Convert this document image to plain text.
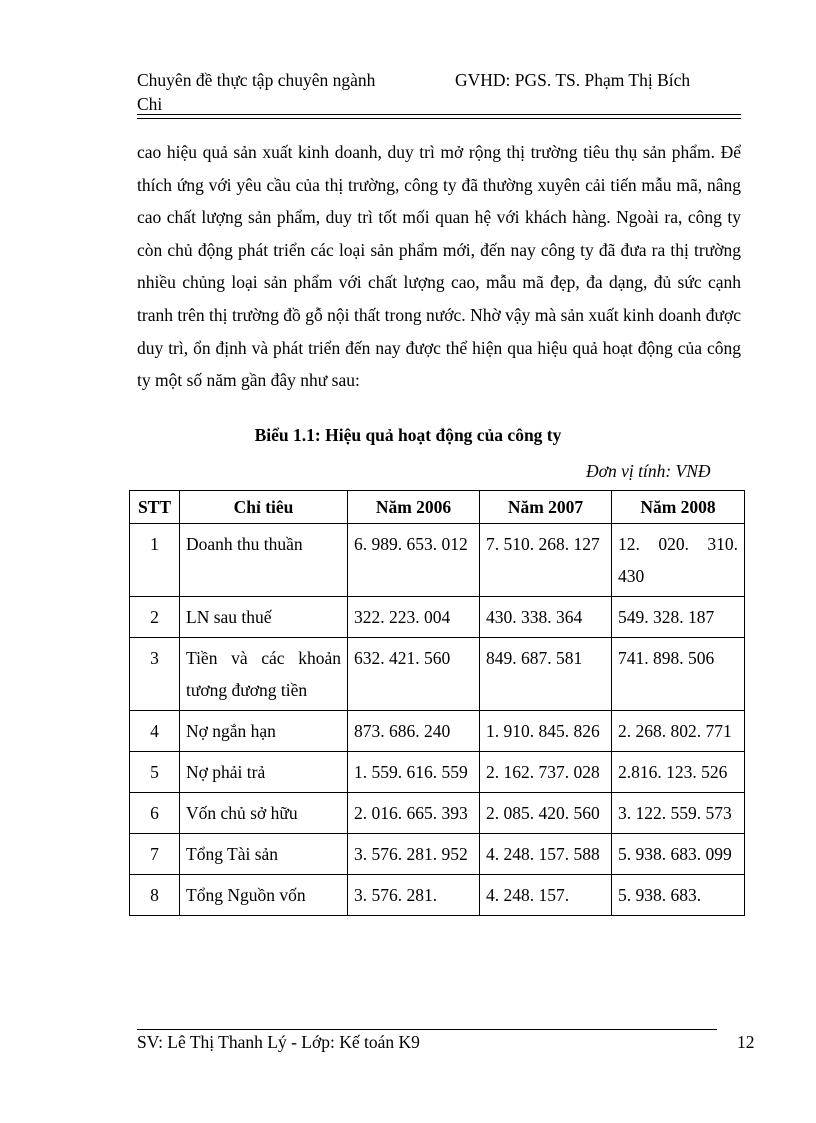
Chuyên đề thực tập chuyên ngành
Chi
GVHD: PGS. TS. Phạm Thị Bích

cao hiệu quả sản xuất kinh doanh, duy trì mở rộng thị trường tiêu thụ sản phẩm. Để thích ứng với yêu cầu của thị trường, công ty đã thường xuyên cải tiến mẫu mã, nâng cao chất lượng sản phẩm, duy trì tốt mối quan hệ với khách hàng. Ngoài ra, công ty còn chủ động phát triển các loại sản phẩm mới, đến nay công ty đã đưa ra thị trường nhiều chủng loại sản phẩm với chất lượng cao, mẫu mã đẹp, đa dạng, đủ sức cạnh tranh trên thị trường đồ gỗ nội thất trong nước. Nhờ vậy mà sản xuất kinh doanh được duy trì, ổn định và phát triển đến nay được thể hiện qua hiệu quả hoạt động của công ty một số năm gần đây như sau:

Biểu 1.1: Hiệu quả hoạt động của công ty
Đơn vị tính: VNĐ
STT	Chỉ tiêu	Năm 2006	Năm 2007	Năm 2008
1	Doanh thu thuần	6. 989. 653. 012	7. 510. 268. 127	12. 020. 310. 430
2	LN sau thuế	322. 223. 004	430. 338. 364	549. 328. 187
3	Tiền và các khoản tương đương tiền	632. 421. 560	849. 687. 581	741. 898. 506
4	Nợ ngắn hạn	873. 686. 240	1. 910. 845. 826	2. 268. 802. 771
5	Nợ phải trả	1. 559. 616. 559	2. 162. 737. 028	2.816. 123. 526
6	Vốn chủ sở hữu	2. 016. 665. 393	2. 085. 420. 560	3. 122. 559. 573
7	Tổng Tài sản	3. 576. 281. 952	4. 248. 157. 588	5. 938. 683. 099
8	Tổng Nguồn vốn	3. 576. 281.	4. 248. 157.	5. 938. 683.
SV: Lê Thị Thanh Lý - Lớp: Kế toán K9	12
